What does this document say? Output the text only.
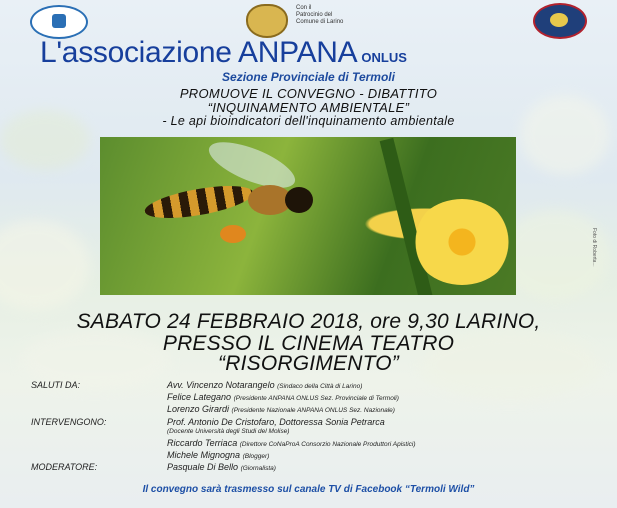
Con il
Patrocinio del
Comune di Larino
L'associazione ANPANA ONLUS
Sezione Provinciale di Termoli
PROMUOVE IL CONVEGNO - DIBATTITO
“INQUINAMENTO AMBIENTALE”
- Le api bioindicatori dell'inquinamento ambientale
Foto di Roberta...
SABATO 24 FEBBRAIO 2018, ore 9,30 LARINO,
PRESSO IL CINEMA TEATRO
“RISORGIMENTO”
SALUTI DA:	Avv. Vincenzo Notarangelo (Sindaco della Città di Larino)
Felice Lategano (Presidente ANPANA ONLUS Sez. Provinciale di Termoli)
Lorenzo Girardi (Presidente Nazionale ANPANA ONLUS Sez. Nazionale)
INTERVENGONO:	Prof. Antonio De Cristofaro, Dottoressa Sonia Petrarca
(Docente Università degli Studi del Molise)
Riccardo Terriaca (Direttore CoNaProA Consorzio Nazionale Produttori Apistici)
Michele Mignogna (Blogger)
MODERATORE:	Pasquale Di Bello (Giornalista)
Il convegno sarà trasmesso sul canale TV di Facebook “Termoli Wild”
